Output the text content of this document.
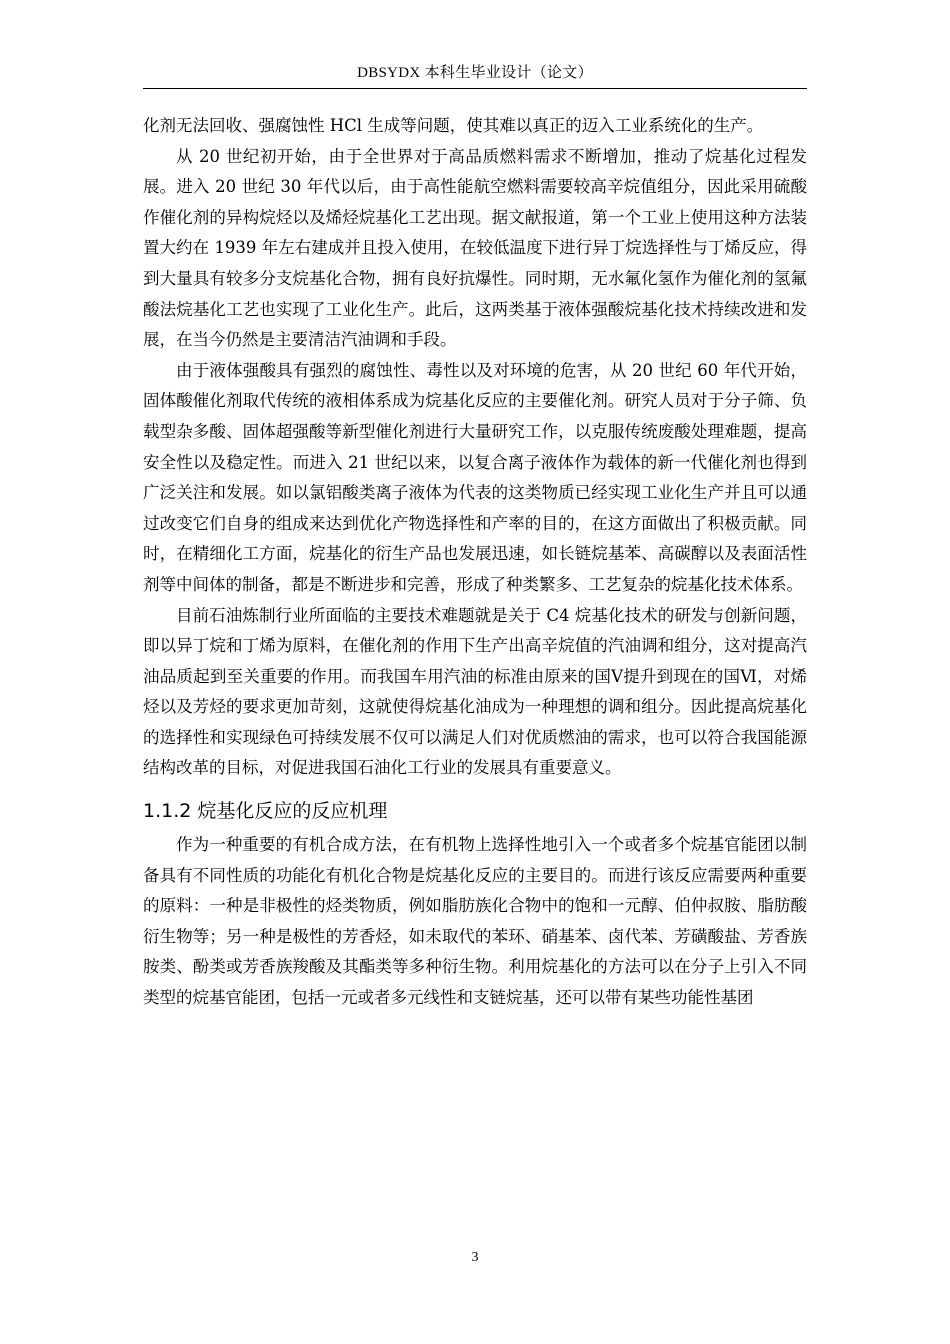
DBSYDX 本科生毕业设计（论文）

化剂无法回收、强腐蚀性 HCl 生成等问题，使其难以真正的迈入工业系统化的生产。

从 20 世纪初开始，由于全世界对于高品质燃料需求不断增加，推动了烷基化过程发展。进入 20 世纪 30 年代以后，由于高性能航空燃料需要较高辛烷值组分，因此采用硫酸作催化剂的异构烷烃以及烯烃烷基化工艺出现。据文献报道，第一个工业上使用这种方法装置大约在 1939 年左右建成并且投入使用，在较低温度下进行异丁烷选择性与丁烯反应，得到大量具有较多分支烷基化合物，拥有良好抗爆性。同时期，无水氟化氢作为催化剂的氢氟酸法烷基化工艺也实现了工业化生产。此后，这两类基于液体强酸烷基化技术持续改进和发展，在当今仍然是主要清洁汽油调和手段。

由于液体强酸具有强烈的腐蚀性、毒性以及对环境的危害，从 20 世纪 60 年代开始，固体酸催化剂取代传统的液相体系成为烷基化反应的主要催化剂。研究人员对于分子筛、负载型杂多酸、固体超强酸等新型催化剂进行大量研究工作，以克服传统废酸处理难题，提高安全性以及稳定性。而进入 21 世纪以来，以复合离子液体作为载体的新一代催化剂也得到广泛关注和发展。如以氯铝酸类离子液体为代表的这类物质已经实现工业化生产并且可以通过改变它们自身的组成来达到优化产物选择性和产率的目的，在这方面做出了积极贡献。同时，在精细化工方面，烷基化的衍生产品也发展迅速，如长链烷基苯、高碳醇以及表面活性剂等中间体的制备，都是不断进步和完善，形成了种类繁多、工艺复杂的烷基化技术体系。

目前石油炼制行业所面临的主要技术难题就是关于 C4 烷基化技术的研发与创新问题，即以异丁烷和丁烯为原料，在催化剂的作用下生产出高辛烷值的汽油调和组分，这对提高汽油品质起到至关重要的作用。而我国车用汽油的标准由原来的国Ⅴ提升到现在的国Ⅵ，对烯烃以及芳烃的要求更加苛刻，这就使得烷基化油成为一种理想的调和组分。因此提高烷基化的选择性和实现绿色可持续发展不仅可以满足人们对优质燃油的需求，也可以符合我国能源结构改革的目标，对促进我国石油化工行业的发展具有重要意义。

1.1.2 烷基化反应的反应机理

作为一种重要的有机合成方法，在有机物上选择性地引入一个或者多个烷基官能团以制备具有不同性质的功能化有机化合物是烷基化反应的主要目的。而进行该反应需要两种重要的原料：一种是非极性的烃类物质，例如脂肪族化合物中的饱和一元醇、伯仲叔胺、脂肪酸衍生物等；另一种是极性的芳香烃，如未取代的苯环、硝基苯、卤代苯、芳磺酸盐、芳香族胺类、酚类或芳香族羧酸及其酯类等多种衍生物。利用烷基化的方法可以在分子上引入不同类型的烷基官能团，包括一元或者多元线性和支链烷基，还可以带有某些功能性基团

3
